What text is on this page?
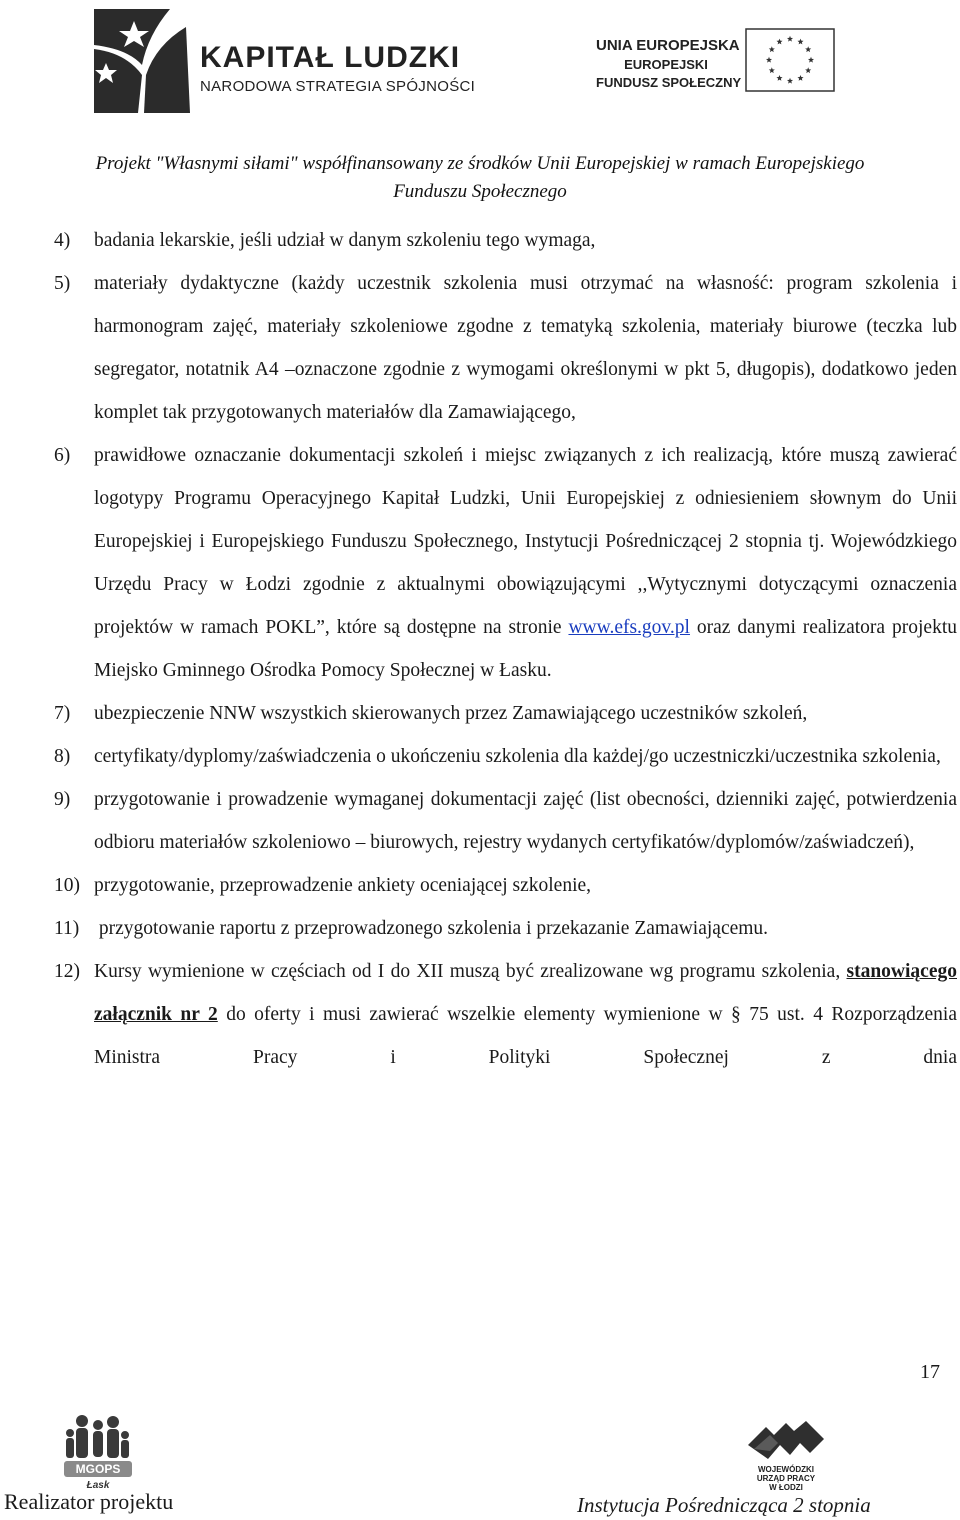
KAPITAŁ LUDZKI
NARODOWA STRATEGIA SPÓJNOŚCI
UNIA EUROPEJSKA
EUROPEJSKI
FUNDUSZ SPOŁECZNY
Projekt "Własnymi siłami" współfinansowany ze środków Unii Europejskiej w ramach Europejskiego
Funduszu Społecznego
4) badania lekarskie, jeśli udział w danym szkoleniu tego wymaga,
5) materiały dydaktyczne (każdy uczestnik szkolenia musi otrzymać na własność: program szkolenia i harmonogram zajęć, materiały szkoleniowe zgodne z tematyką szkolenia, materiały biurowe (teczka lub segregator, notatnik A4 –oznaczone zgodnie z wymogami określonymi w pkt 5, długopis), dodatkowo jeden komplet tak przygotowanych materiałów dla Zamawiającego,
6) prawidłowe oznaczanie dokumentacji szkoleń i miejsc związanych z ich realizacją, które muszą zawierać logotypy Programu Operacyjnego Kapitał Ludzki, Unii Europejskiej z odniesieniem słownym do Unii Europejskiej i Europejskiego Funduszu Społecznego, Instytucji Pośredniczącej 2 stopnia tj. Wojewódzkiego Urzędu Pracy w Łodzi zgodnie z aktualnymi obowiązującymi ,,Wytycznymi dotyczącymi oznaczenia projektów w ramach POKL”, które są dostępne na stronie www.efs.gov.pl oraz danymi realizatora projektu Miejsko Gminnego Ośrodka Pomocy Społecznej w Łasku.
7) ubezpieczenie NNW wszystkich skierowanych przez Zamawiającego uczestników szkoleń,
8) certyfikaty/dyplomy/zaświadczenia o ukończeniu szkolenia dla każdej/go uczestniczki/uczestnika szkolenia,
9) przygotowanie i prowadzenie wymaganej dokumentacji zajęć (list obecności, dzienniki zajęć, potwierdzenia odbioru materiałów szkoleniowo – biurowych, rejestry wydanych certyfikatów/dyplomów/zaświadczeń),
10) przygotowanie, przeprowadzenie ankiety oceniającej szkolenie,
11) przygotowanie raportu z przeprowadzonego szkolenia i przekazanie Zamawiającemu.
12) Kursy wymienione w częściach od I do XII muszą być zrealizowane wg programu szkolenia, stanowiącego załącznik nr 2 do oferty i musi zawierać wszelkie elementy wymienione w § 75 ust. 4 Rozporządzenia Ministra Pracy i Polityki Społecznej z dnia
17
MGOPS
Łask
WOJEWÓDZKI
URZĄD PRACY
W ŁODZI
Realizator projektu	Instytucja Pośrednicząca 2 stopnia
